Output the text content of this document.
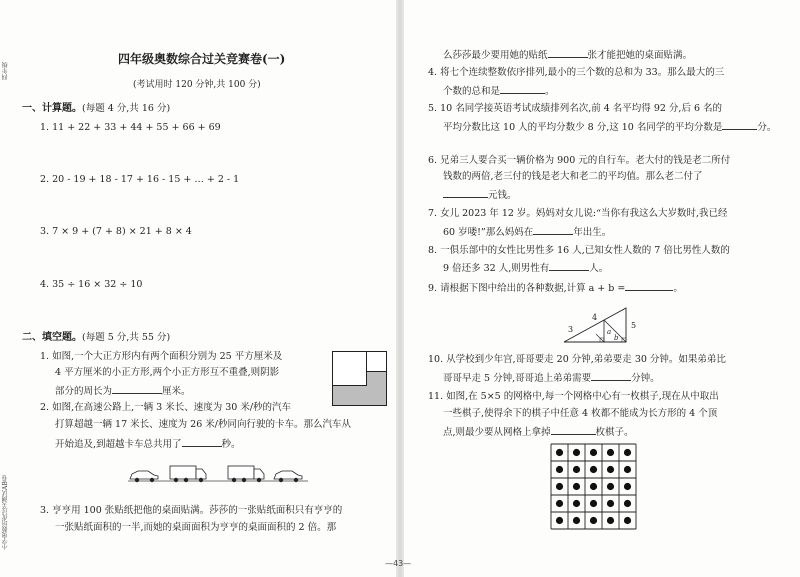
四年级
小学奥数培优过关测试AB卷
四年级奥数综合过关竞赛卷(一)
(考试用时 120 分钟,共 100 分)
一、计算题。(每题 4 分,共 16 分)
1. 11 + 22 + 33 + 44 + 55 + 66 + 69
2. 20 - 19 + 18 - 17 + 16 - 15 + … + 2 - 1
3. 7 × 9 + (7 + 8) × 21 + 8 × 4
4. 35 ÷ 16 × 32 ÷ 10
二、填空题。(每题 5 分,共 55 分)
1. 如图,一个大正方形内有两个面积分别为 25 平方厘米及
4 平方厘米的小正方形,两个小正方形互不重叠,则阴影
部分的周长为	厘米。
2. 如图,在高速公路上,一辆 3 米长、速度为 30 米/秒的汽车
打算超越一辆 17 米长、速度为 26 米/秒同向行驶的卡车。那么汽车从
开始追及,到超越卡车总共用了	秒。
3. 亨亨用 100 张贴纸把他的桌面贴满。莎莎的一张贴纸面积只有亨亨的
一张贴纸面积的一半,而她的桌面面积为亨亨的桌面面积的 2 倍。那
么莎莎最少要用她的贴纸	张才能把她的桌面贴满。
4. 将七个连续整数依序排列,最小的三个数的总和为 33。那么最大的三
个数的总和是	。
5. 10 名同学接英语考试成绩排列名次,前 4 名平均得 92 分,后 6 名的
平均分数比这 10 人的平均分数少 8 分,这 10 名同学的平均分数是	分。
6. 兄弟三人要合买一辆价格为 900 元的自行车。老大付的钱是老二所付
钱数的两倍,老三付的钱是老大和老二的平均值。那么老二付了
元钱。
7. 女儿 2023 年 12 岁。妈妈对女儿说:“当你有我这么大岁数时,我已经
60 岁喽!”那么妈妈在	年出生。
8. 一俱乐部中的女性比男性多 16 人,已知女性人数的 7 倍比男性人数的
9 倍还多 32 人,则男性有	人。
9. 请根据下图中给出的各种数据,计算 a + b =	。
3
4
a
b
5
10. 从学校到少年宫,哥哥要走 20 分钟,弟弟要走 30 分钟。如果弟弟比
哥哥早走 5 分钟,哥哥追上弟弟需要	分钟。
11. 如图,在 5×5 的网格中,每一个网格中心有一枚棋子,现在从中取出
一些棋子,使得余下的棋子中任意 4 枚都不能成为长方形的 4 个顶
点,则最少要从网格上拿掉	枚棋子。
—43—
